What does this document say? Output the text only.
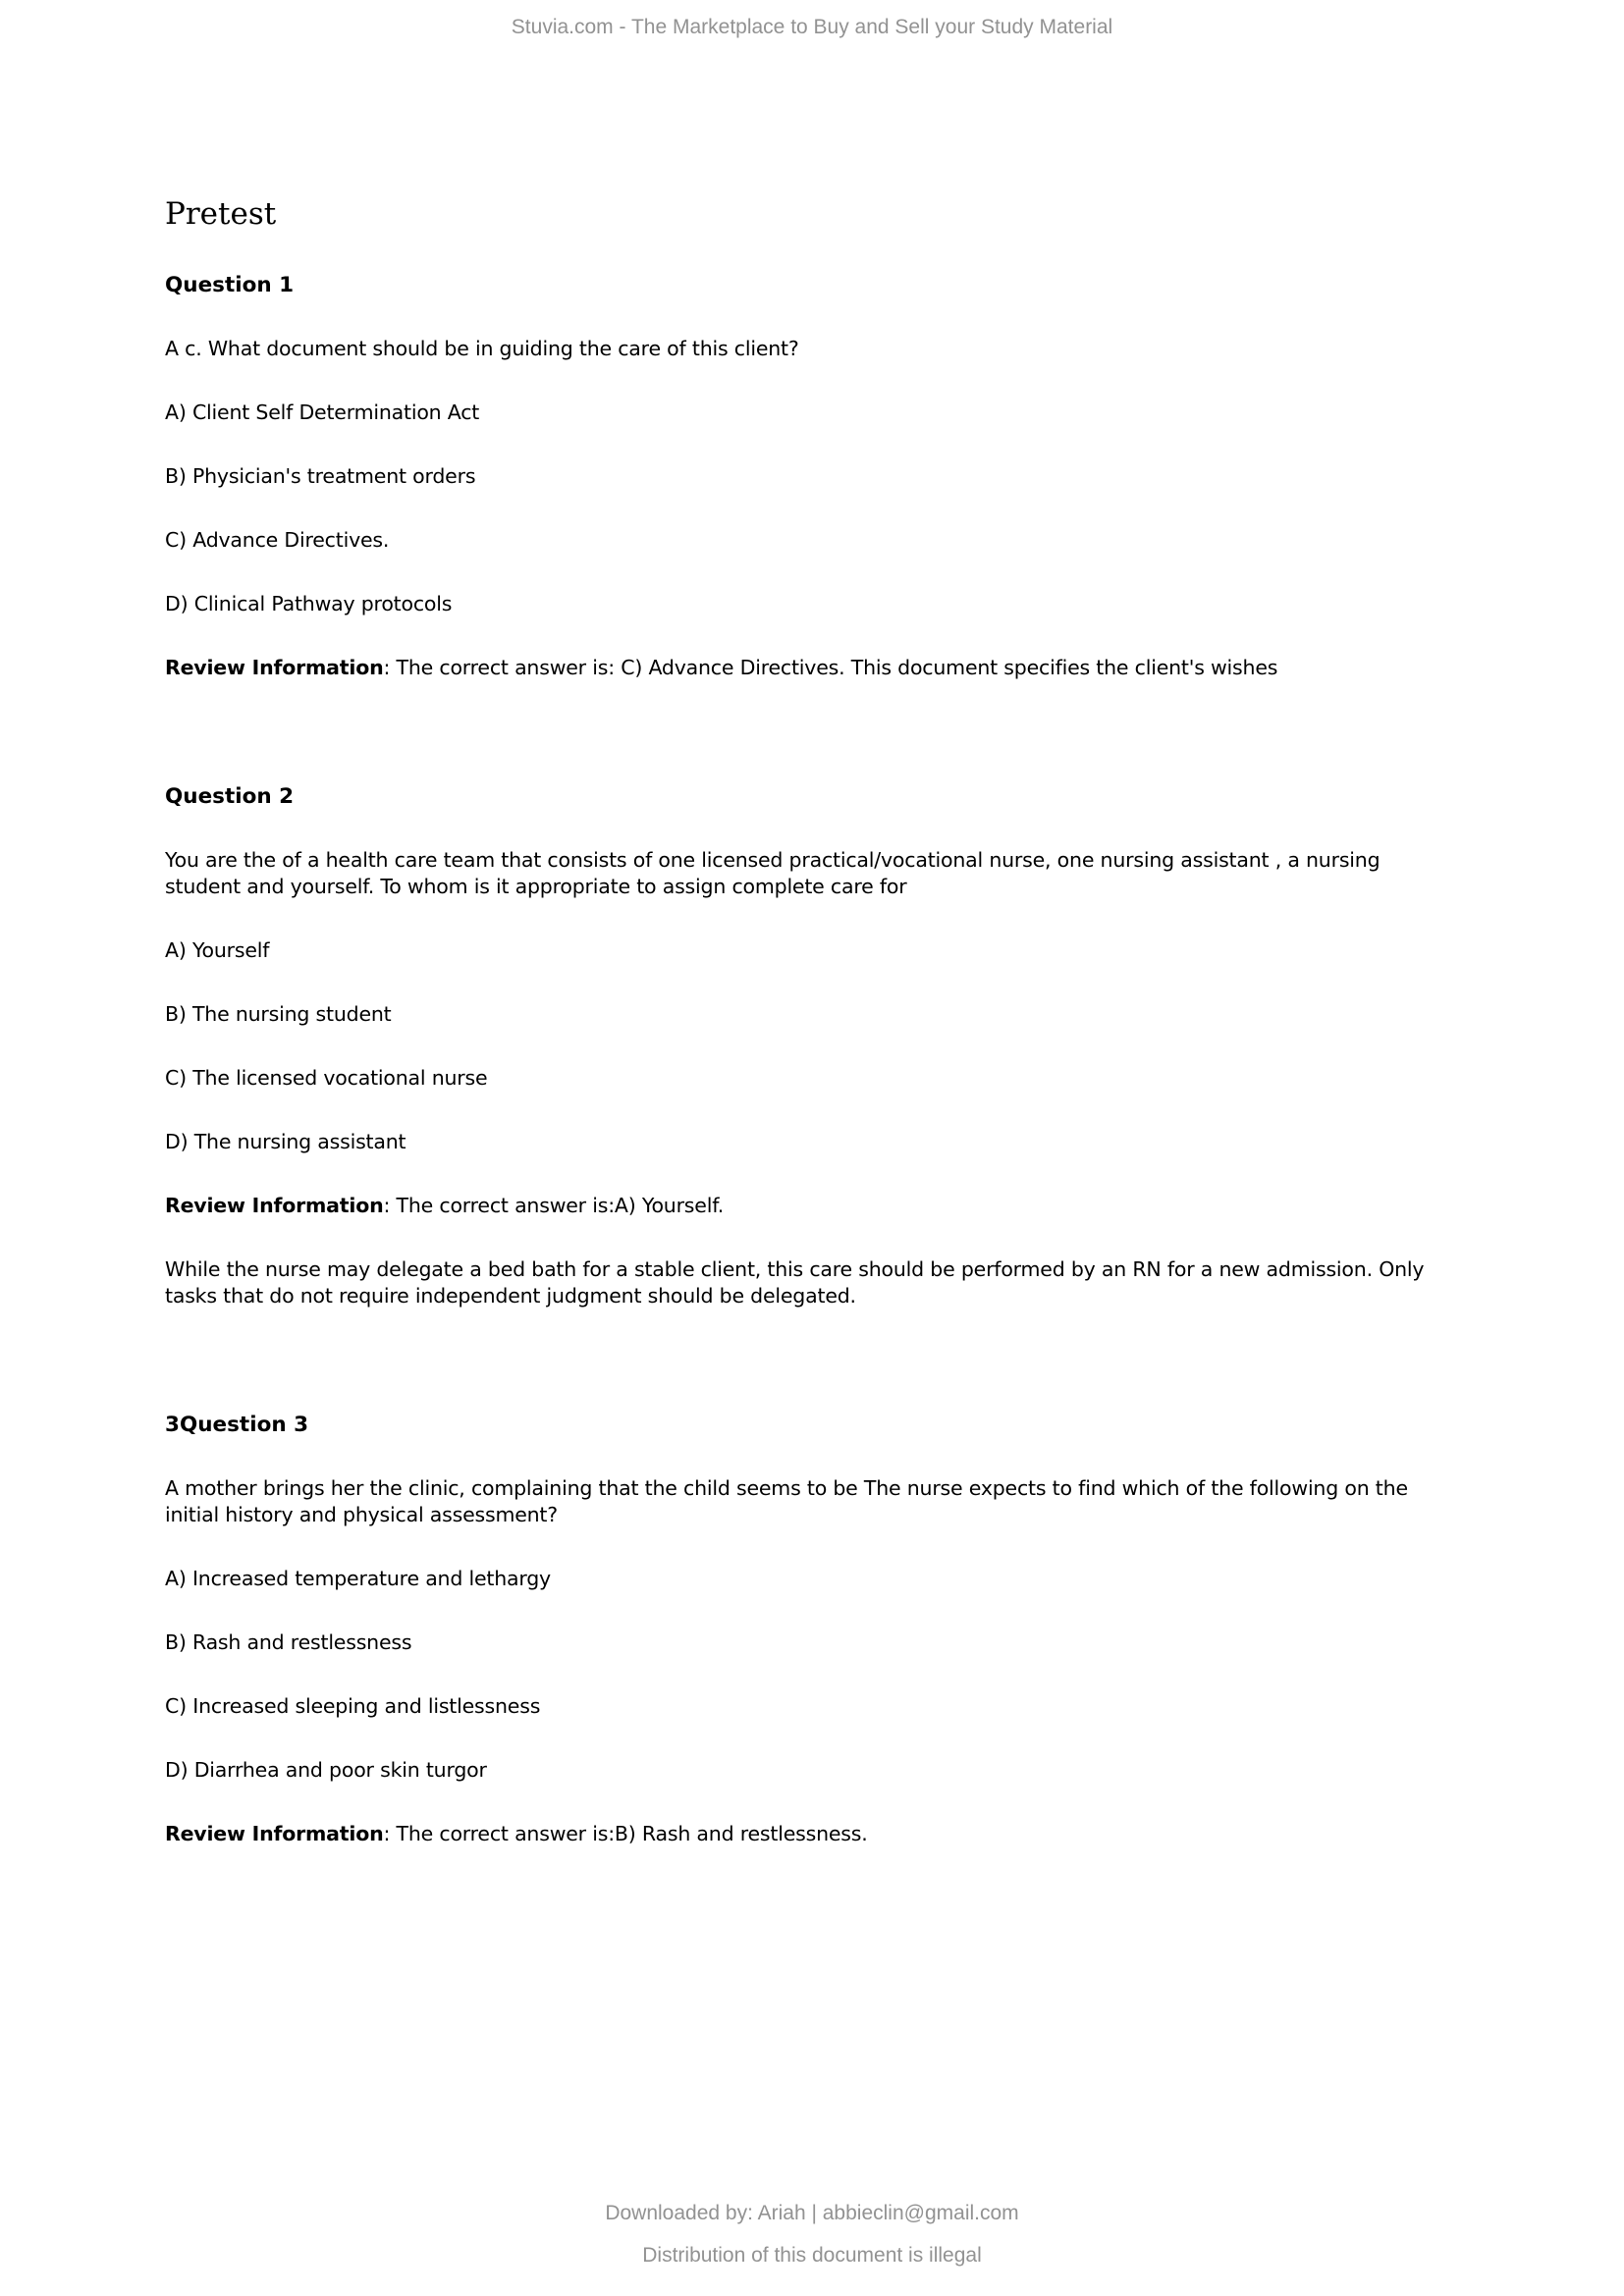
Stuvia.com - The Marketplace to Buy and Sell your Study Material
Pretest
Question 1

A c. What document should be in guiding the care of this client?

A) Client Self Determination Act

B) Physician's treatment orders

C) Advance Directives.

D) Clinical Pathway protocols

Review Information: The correct answer is: C) Advance Directives. This document specifies the client's wishes

Question 2

You are the of a health care team that consists of one licensed practical/vocational nurse, one nursing assistant , a nursing student and yourself. To whom is it appropriate to assign complete care for

A) Yourself

B) The nursing student

C) The licensed vocational nurse

D) The nursing assistant

Review Information: The correct answer is:A) Yourself.

While the nurse may delegate a bed bath for a stable client, this care should be performed by an RN for a new admission. Only tasks that do not require independent judgment should be delegated.

3Question 3

A mother brings her the clinic, complaining that the child seems to be The nurse expects to find which of the following on the initial history and physical assessment?

A) Increased temperature and lethargy

B) Rash and restlessness

C) Increased sleeping and listlessness

D) Diarrhea and poor skin turgor

Review Information: The correct answer is:B) Rash and restlessness.

Downloaded by: Ariah | abbieclin@gmail.com
Distribution of this document is illegal
